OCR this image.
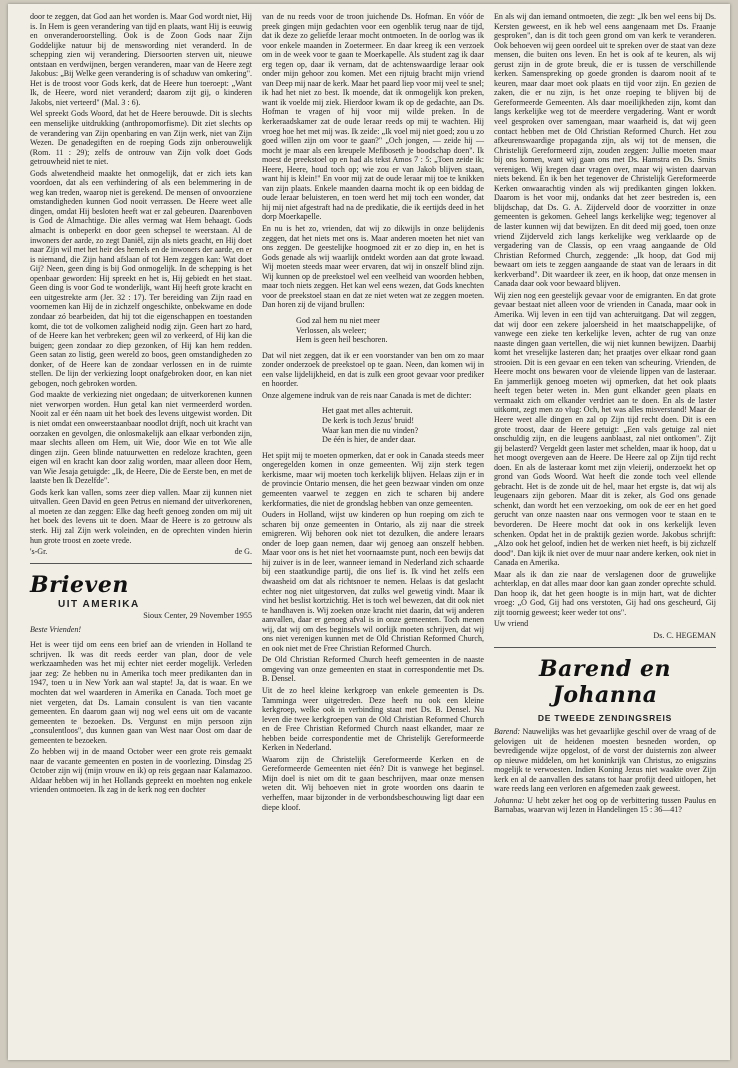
door te zeggen, dat God aan het worden is. Maar God wordt niet, Hij is. In Hem is geen verandering van tijd en plaats, want Hij is eeuwig en onveranderoorstelling. Ook is de Zoon Gods naar Zijn Goddelijke natuur bij de menswording niet veranderd. In de schepping zien wij verandering. Diersoorten sterven uit, nieuwe ontstaan en verdwijnen, bergen veranderen, maar van de Heere zegt Jakobus: „Bij Welke geen verandering is of schaduw van omkering". Het is de troost voor Gods kerk, dat de Heere hun toeroept: „Want Ik, de Heere, word niet veranderd; daarom zijt gij, o kinderen Jakobs, niet verteerd" (Mal. 3 : 6).

Wel spreekt Gods Woord, dat het de Heere berouwde. Dit is slechts een menselijke uitdrukking (anthropomorfisme). Dit ziet slechts op de verandering van Zijn openbaring en van Zijn werk, niet van Zijn Wezen. De genadegiften en de roeping Gods zijn onberouwelijk (Rom. 11 : 29); zelfs de ontrouw van Zijn volk doet Gods getrouwheid niet te niet.

Gods alwetendheid maakte het onmogelijk, dat er zich iets kan voordoen, dat als een verhindering of als een belemmering in de weg kan treden, waarop niet is gerekend. De mensen of onvoorziene omstandigheden kunnen God nooit verrassen. De Heere weet alle dingen, omdat Hij besloten heeft wat er zal gebeuren. Daarenboven is God de Almachtige. Die alles vermag wat Hem behaagt. Gods almacht is onbeperkt en door geen schepsel te weerstaan. Al de inwoners der aarde, zo zegt Daniël, zijn als niets geacht, en Hij doet naar Zijn wil met het heir des hemels en de inwoners der aarde, en er is niemand, die Zijn hand afslaan of tot Hem zeggen kan: Wat doet Gij? Neen, geen ding is bij God onmogelijk. In de schepping is het openbaar geworden: Hij spreekt en het is, Hij gebiedt en het staat. Geen ding is voor God te wonderlijk, want Hij heeft grote kracht en een uitgestrekte arm (Jer. 32 : 17). Ter bereiding van Zijn raad en voornemen kan Hij de in zichzelf ongeschikte, onbekwame en dode zondaar zó bearbeiden, dat hij tot die eigenschappen en toestanden komt, die tot de volkomen zaligheid nodig zijn. Geen hart zo hard, of de Heere kan het verbreken; geen wil zo verkeerd, of Hij kan die buigen; geen zondaar zo diep gezonken, of Hij kan hem redden. Geen satan zo listig, geen wereld zo boos, geen omstandigheden zo donker, of de Heere kan de zondaar verlossen en in de ruimte stellen. De lijn der verkiezing loopt onafgebroken door, en kan niet gebogen, noch gebroken worden.

God maakte de verkiezing niet ongedaan; de uitverkorenen kunnen niet verworpen worden. Hun getal kan niet vermeerderd worden. Nooit zal er één naam uit het boek des levens uitgewist worden. Dit is niet omdat een onweerstaanbaar noodlot drijft, noch uit kracht van oorzaken en gevolgen, die onlosmakelijk aan elkaar verbonden zijn, maar slechts alleen om Hem, uit Wie, door Wie en tot Wie alle dingen zijn. Geen blinde natuurwetten en redeloze krachten, geen eigen wil en kracht kan door zalig worden, maar alleen door Hem, van Wie Jesaja getuigde: „Ik, de Heere, Die de Eerste ben, en met de laatste ben Ik Dezelfde".

Gods kerk kan vallen, soms zeer diep vallen. Maar zij kunnen niet uitvallen. Geen David en geen Petrus en niemand der uitverkorenen, al moeten ze dan zeggen: Elke dag heeft genoeg zonden om mij uit het boek des levens uit te doen. Maar de Heere is zo getrouw als sterk. Hij zal Zijn werk voleinden, en de oprechten vinden hierin hun grote troost en zoete vrede.

's-Gr.	de G.
Brieven
UIT AMERIKA
Sioux Center, 29 November 1955
Beste Vrienden!

Het is weer tijd om eens een brief aan de vrienden in Holland te schrijven. Ik was dit reeds eerder van plan, door de vele werkzaamheden was het mij echter niet eerder mogelijk. Verleden jaar zeg: Ze hebben nu in Amerika toch meer predikanten dan in 1947, toen u in New York aan wal stapte! Ja, dat is waar. En we mochten dat wel waarderen in Amerika en Canada. Toch moet ge niet vergeten, dat Ds. Lamain consulent is van tien vacante gemeenten. En daarom gaan wij nog wel eens uit om de vacante gemeenten te bezoeken. Ds. Vergunst en mijn persoon zijn „consulentloos", dus kunnen gaan van West naar Oost om daar de gemeenten te bezoeken.

Zo hebben wij in de maand October weer een grote reis gemaakt naar de vacante gemeenten en posten in de voorlezing. Dinsdag 25 October zijn wij (mijn vrouw en ik) op reis gegaan naar Kalamazoo. Aldaar hebben wij in het Hollands gepreekt en moehten nog enkele vrienden ontmoeten. Ik zag in de kerk nog een dochter

van de nu reeds voor de troon juichende Ds. Hofman. En vóór de preek gingen mijn gedachten voor een ogenblik terug naar de tijd, dat ik deze zo geliefde leraar mocht ontmoeten. In de oorlog was ik voor enkele maanden in Zoetermeer. En daar kreeg ik een verzoek om in de week voor te gaan te Moerkapelle. Als student zag ik daar erg tegen op, daar ik vernam, dat de achtenswaardige leraar ook onder mijn gehoor zou komen. Met een rijtuig bracht mijn vriend van Deep mij naar de kerk. Maar het paard liep voor mij veel te snel; ik had het niet zo best. Ik moende, dat ik onmogelijk kon preken, want ik voelde mij ziek. Hierdoor kwam ik op de gedachte, aan Ds. Hofman te vragen of hij voor mij wilde preken. In de kerkeraadskamer zat de oude leraar reeds op mij te wachten. Hij vroeg hoe het met mij was. Ik zeide: „Ik voel mij niet goed; zou u zo goed willen zijn om voor te gaan?" „Och jongen, — zeide hij — mocht je maar als een kreupele Mefiboseth je boodschap doen". Ik moest de preekstoel op en had als tekst Amos 7 : 5: „Toen zeide ik: Heere, Heere, houd toch op; wie zou er van Jakob blijven staan, want hij is klein!" En voor mij zat de oude leraar mij toe te knikken van zijn plaats. Enkele maanden daarna mocht ik op een biddag de oude leraar beluisteren, en toen werd het mij toch een wonder, dat hij mij niet afgestraft had na de predikatie, die ik eertijds deed in het dorp Moerkapelle.

En nu is het zo, vrienden, dat wij zo dikwijls in onze belijdenis zeggen, dat het niets met ons is. Maar anderen moeten het niet van ons zeggen. De geestelijke hoogmoed zit er zo diep in, en het is Gods genade als wij waarlijk ontdekt worden aan dat grote kwaad. Wij moeten steeds maar weer ervaren, dat wij in onszelf blind zijn. Wij kunnen op de preekstoel wel een veelheid van woorden hebben, maar toch niets zeggen. Het kan wel eens wezen, dat Gods knechten voor de preekstoel staan en dat ze niet weten wat ze zeggen moeten. Dan horen zij de vijand brullen:

God zal hem nu niet meer
Verlossen, als weleer;
Hem is geen heil beschoren.

Dat wil niet zeggen, dat ik er een voorstander van ben om zo maar zonder onderzoek de preekstoel op te gaan. Neen, dan komen wij in een valse lijdelijkheid, en dat is zulk een groot gevaar voor prediker en hoorder.

Onze algemene indruk van de reis naar Canada is met de dichter:

Het gaat met alles achteruit.
De kerk is toch Jezus' bruid!
Waar kan men die nu vinden?
De één is hier, de ander daar.

Het spijt mij te moeten opmerken, dat er ook in Canada steeds meer ongeregelden komen in onze gemeenten. Wij zijn sterk tegen kerkisme, maar wij moeten toch kerkelijk blijven. Helaas zijn er in de provincie Ontario mensen, die het geen bezwaar vinden om onze gemeenten vaarwel te zeggen en zich te scharen bij andere kerkformaties, die niet de grondslag hebben van onze gemeenten.

Ouders in Holland, wijst uw kinderen op hun roeping om zich te scharen bij onze gemeenten in Ontario, als zij naar die streek emigreren. Wij behoren ook niet tot dezulken, die andere leraars onder de loep gaan nemen, daar wij genoeg aan onszelf hebben. Maar voor ons is het niet het voornaamste punt, noch een bewijs dat hij zuiver is in de leer, wanneer iemand in Nederland zich schaarde bij een staatkundige partij, die ons lief is. Ik vind het zelfs een dwaasheid om dat als richtsnoer te nemen. Helaas is dat geslacht echter nog niet uitgestorven, dat zulks wel gewetig vindt. Maar ik vind het beslist kortzichtig. Het is toch wel bewezen, dat dit ook niet te handhaven is. Wij zoeken onze kracht niet daarin, dat wij anderen aanvallen, daar er genoeg afval is in onze gemeenten. Toch menen wij, dat wij om des beginsels wil oorlijk moeten schrijven, dat wij ons niet verenigen kunnen met de Old Christian Reformed Church, en ook niet met de Free Christian Reformed Church.

De Old Christian Reformed Church heeft gemeenten in de naaste omgeving van onze gemeenten en staat in correspondentie met Ds. B. Densel.

Uit de zo heel kleine kerkgroep van enkele gemeenten is Ds. Tamminga weer uitgetreden. Deze heeft nu ook een kleine kerkgroep, welke ook in verbinding staat met Ds. B. Densel. Nu leven die twee kerkgroepen van de Old Christian Reformed Church en de Free Christian Reformed Church naast elkander, maar ze hebben beide correspondentie met de Christelijk Gereformeerde Kerken in Nederland.

Waarom zijn de Christelijk Gereformeerde Kerken en de Gereformeerde Gemeenten niet één? Dit is vanwege het beginsel. Mijn doel is niet om dit te gaan beschrijven, maar onze mensen weten dit. Wij behoeven niet in grote woorden ons daarin te verheffen, maar bijzonder in de verbondsbeschouwing ligt daar een diepe kloof.

En als wij dan iemand ontmoeten, die zegt: „Ik ben wel eens bij Ds. Kersten geweest, en ik heb wel eens aangenaam met Ds. Fraanje gesproken", dan is dit toch geen grond om van kerk te veranderen. Ook behoeven wij geen oordeel uit te spreken over de staat van deze mensen, die buiten ons leven. En het is ook af te keuren, als wij gerust zijn in de grote breuk, die er is tussen de verschillende kerken. Samenspreking op goede gronden is daarom nooit af te keuren, maar daar moet ook plaats en tijd voor zijn. En gezien de zaken, die er nu zijn, is het onze roeping te blijven bij de Gereformeerde Gemeenten. Als daar moeilijkheden zijn, komt dan langs kerkelijke weg tot de meerdere vergadering. Want er wordt veel gesproken over samengaan, maar waarheid is, dat wij geen contact hebben met de Old Christian Reformed Church. Het zou afkeurenswaardige propaganda zijn, als wij tot de mensen, die Christelijk Gereformeerd zijn, zouden zeggen: Jullie moeten maar bij ons komen, want wij gaan ons met Ds. Hamstra en Ds. Smits verenigen. Wij kregen daar vragen over, maar wij wisten daarvan niets bekend. En ik ben het tegenover de Christelijk Gereformeerde Kerken onwaarachtig vinden als wij predikanten gingen lokken. Daarom is het voor mij, ondanks dat het zeer bestreden is, een blijdschap, dat Ds. G. A. Zijderveld door de voorzitter in onze gemeenten is gekomen. Geheel langs kerkelijke weg; tegenover al de laster kunnen wij dat bewijzen. En dit deed mij goed, toen onze vriend Zijderveld zich langs kerkelijke weg verklaarde op de vergadering van de Classis, op een vraag aangaande de Old Christian Reformed Church, zeggende: „Ik hoop, dat God mij bewaart om iets te zeggen aangaande de staat van de leraars in dit kerkverband". Dit waardeer ik zeer, en ik hoop, dat onze mensen in Canada daar ook voor bewaard blijven.

Wij zien nog een geestelijk gevaar voor de emigranten. En dat grote gevaar bestaat niet alleen voor de vrienden in Canada, maar ook in Amerika. Wij leven in een tijd van achteruitgang. Dat wil zeggen, dat wij door een zekere jaloersheid in het maatschappelijke, of vanwege een zieke ten kerkelijke leven, achter de rug van onze naaste dingen gaan vertellen, die wij niet kunnen bewijzen. Daarbij komt het vreselijke lasteren dan; het praatjes over elkaar rond gaan strooien. Dit is een gevaar en een teken van scheuring. Vrienden, de Heere mocht ons bewaren voor de vleiende lippen van de lasteraar. En jammerlijk genoeg moeten wij opmerken, dat het ook plaats heeft tegen beter weten in. Men gunt elkander geen plaats en vermaakt zich om elkander verdriet aan te doen. En als de laster uitkomt, zegt men zo vlug: Och, het was alles misverstand! Maar de Heere weet alle dingen en zal op Zijn tijd recht doen. Dit is een grote troost, daar de Heere getuigt: „Een vals getuige zal niet onschuldig zijn, en die leugens aanblaast, zal niet ontkomen". Zijt gij belasterd? Vergeldt geen laster met schelden, maar ik hoop, dat u het moogt overgeven aan de Heere. De Heere zal op Zijn tijd recht doen. En als de lasteraar komt met zijn vleierij, onderzoekt het op grond van Gods Woord. Wat heeft die zonde toch veel ellende gebracht. Het is de zonde uit de hel, maar het ergste is, dat wij als leugenaars zijn geboren. Maar dit is zeker, als God ons genade schenkt, dan wordt het een verzoeking, om ook de eer en het goed gerucht van onze naasten naar ons vermogen voor te staan en te bevorderen. De Heere mocht dat ook in ons kerkelijk leven schenken. Opdat het in de praktijk gezien worde. Jakobus schrijft: „Alzo ook het geloof, indien het de werken niet heeft, is bij zichzelf dood". Dan kijk ik niet over de muur naar andere kerken, ook niet in Canada en Amerika.

Maar als ik dan zie naar de verslagenen door de gruwelijke achterklap, en dat alles maar door kan gaan zonder oprechte schuld. Dan hoop ik, dat het geen hoogte is in mijn hart, wat de dichter vroeg: „O God, Gij had ons verstoten, Gij had ons gescheurd, Gij zijt toornig geweest; keer weder tot ons".

Uw vriend

Ds. C. HEGEMAN
Barend en Johanna
DE TWEEDE ZENDINGSREIS

Barend: Nauwelijks was het gevaarlijke geschil over de vraag of de gelovigen uit de heidenen moesten besneden worden, op bevredigende wijze opgelost, of de vorst der duisternis zon alweer op nieuwe middelen, om het koninkrijk van Christus, zo enigszins mogelijk te verwoesten. Indien Koning Jezus niet waakte over Zijn kerk en al de aanvallen des satans tot haar profijt deed uitlopen, het ware reeds lang een verloren en afgemeden zaak geweest.

Johanna: U hebt zeker het oog op de verbittering tussen Paulus en Barnabas, waarvan wij lezen in Handelingen 15 : 36—41?
